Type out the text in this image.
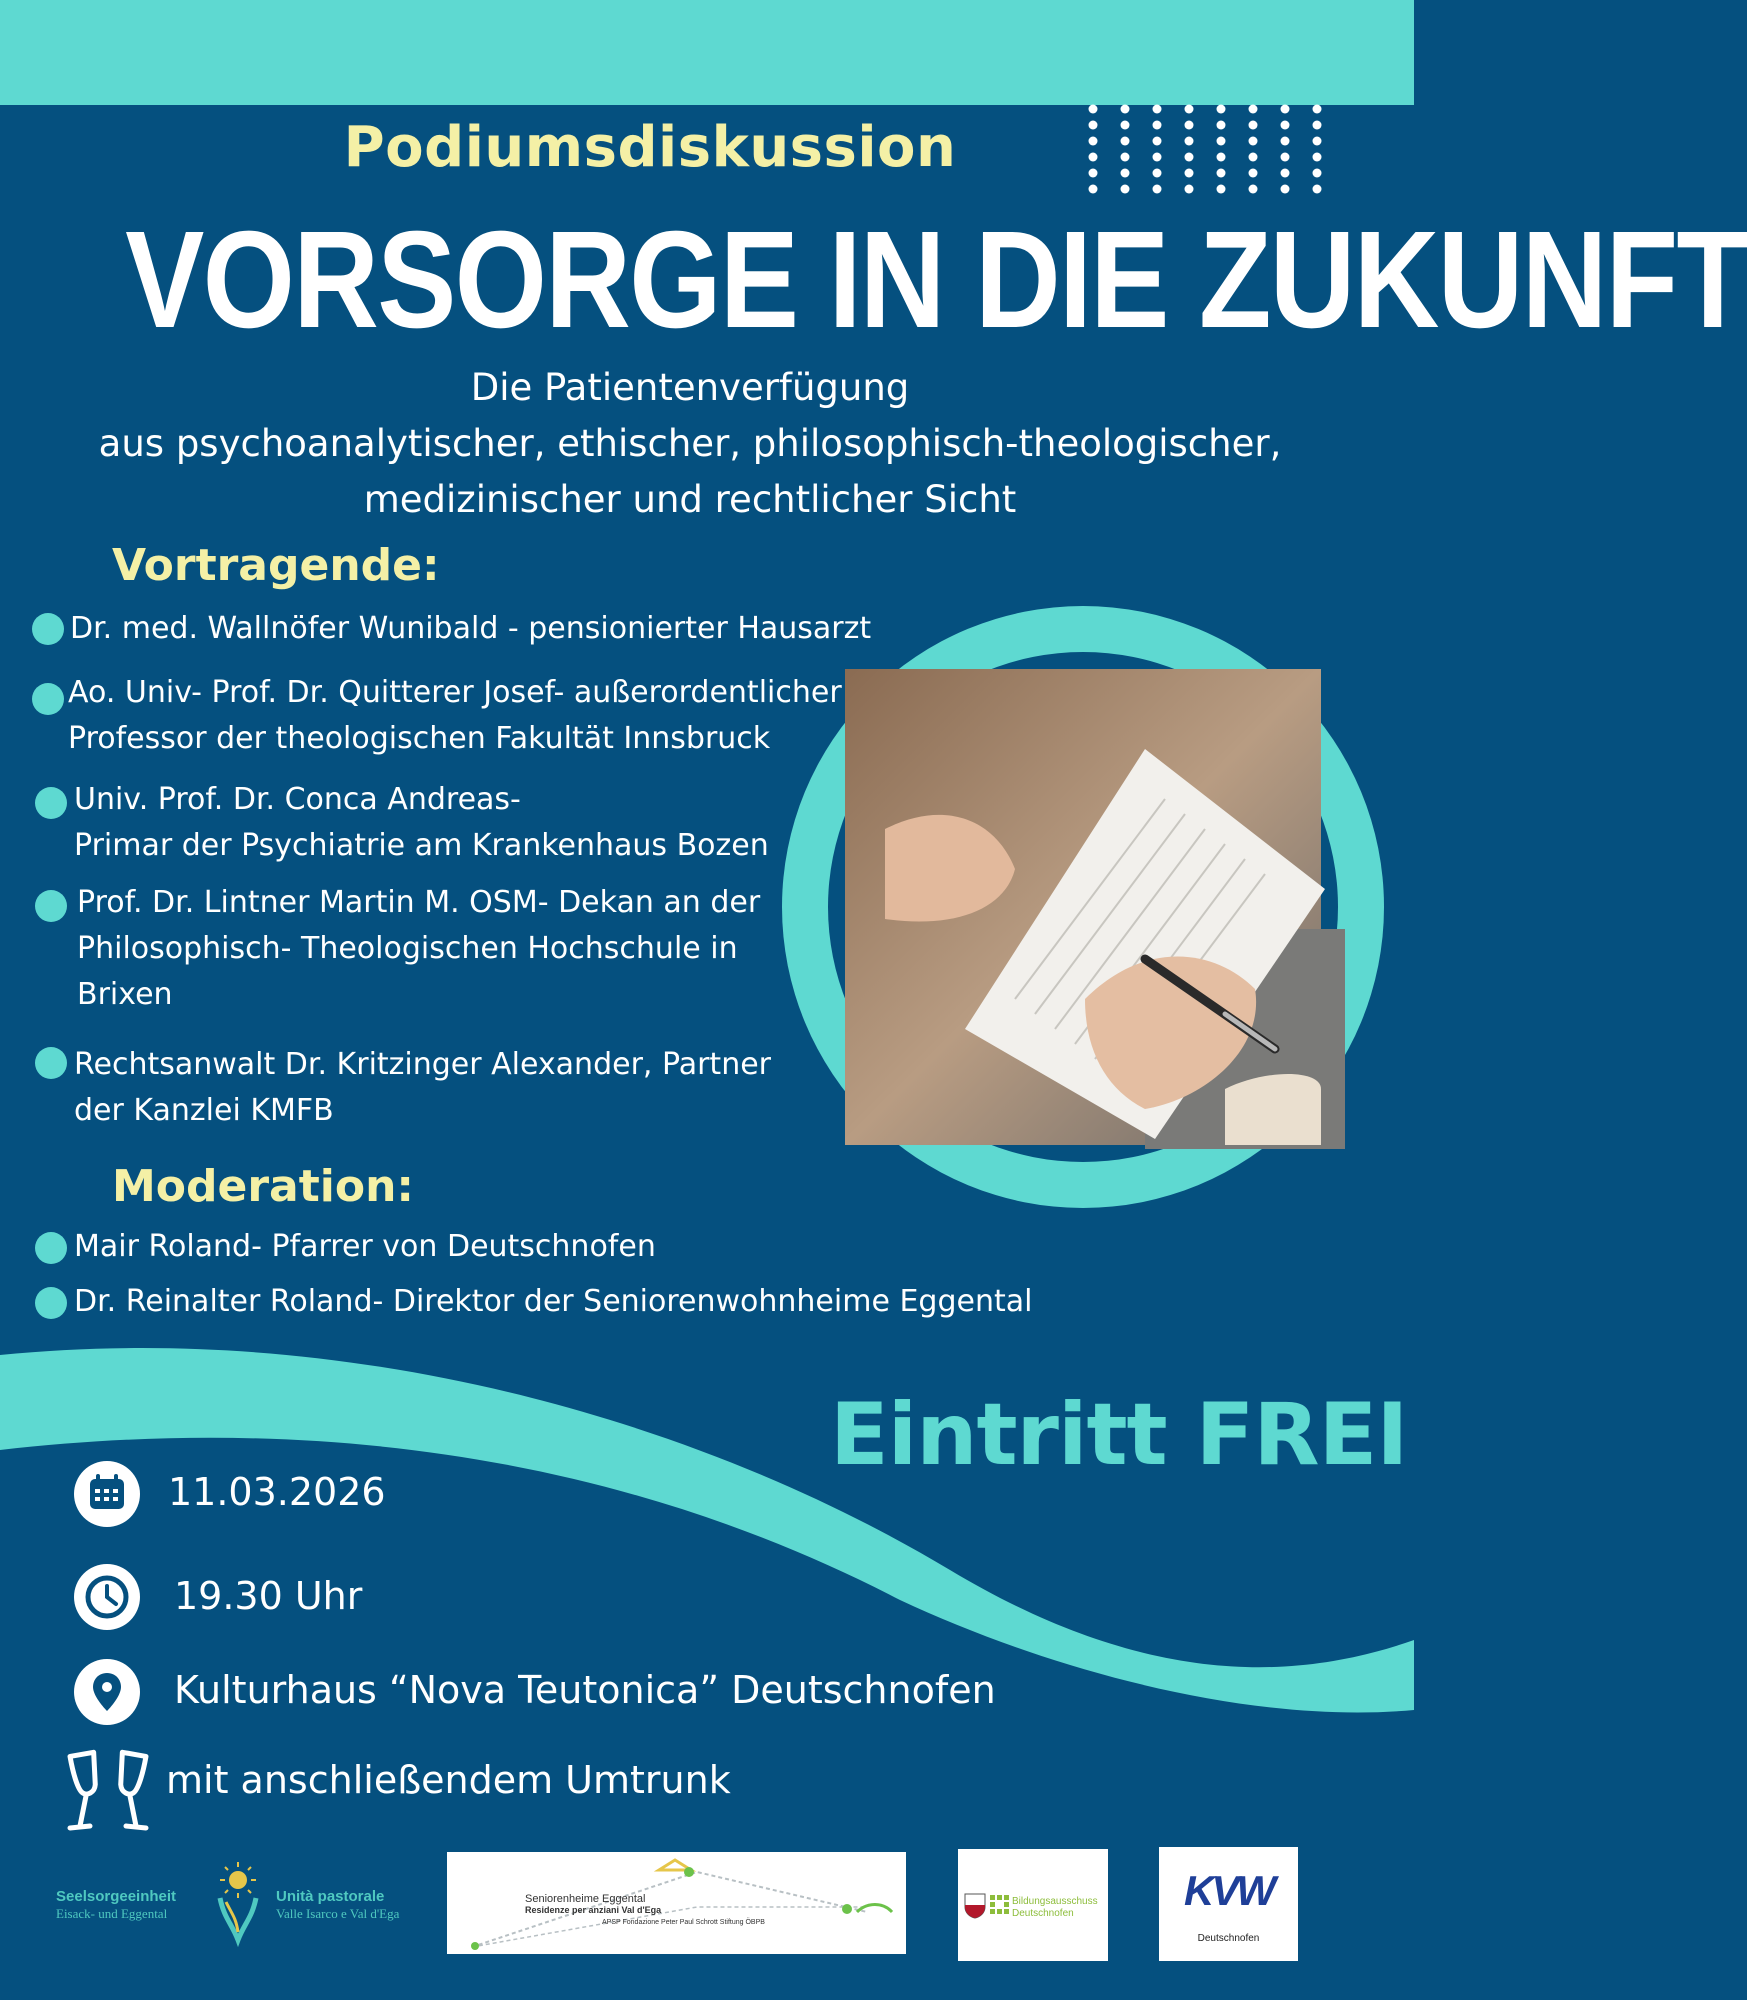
Podiumsdiskussion
VORSORGE IN DIE ZUKUNFT
Die Patientenverfügung
aus psychoanalytischer, ethischer, philosophisch-theologischer,
medizinischer und rechtlicher Sicht
Vortragende:
Dr. med. Wallnöfer Wunibald - pensionierter Hausarzt
Ao. Univ- Prof. Dr. Quitterer Josef- außerordentlicher
Professor der theologischen Fakultät Innsbruck
Univ. Prof. Dr. Conca Andreas-
Primar der Psychiatrie am Krankenhaus Bozen
Prof. Dr. Lintner Martin M. OSM- Dekan an der
Philosophisch- Theologischen Hochschule in
Brixen
Rechtsanwalt Dr. Kritzinger Alexander, Partner
der Kanzlei KMFB
Moderation:
Mair Roland- Pfarrer von Deutschnofen
Dr. Reinalter Roland- Direktor der Seniorenwohnheime Eggental
Eintritt FREI
11.03.2026
19.30 Uhr
Kulturhaus “Nova Teutonica” Deutschnofen
mit anschließendem Umtrunk
Seelsorgeeinheit
Eisack- und Eggental
Unità pastorale
Valle Isarco e Val d'Ega
Seniorenheime Eggental
Residenze per anziani Val d'Ega
APSP Fondazione Peter Paul Schrott Stiftung ÖBPB
Bildungsausschuss
Deutschnofen	KVW
Deutschnofen
